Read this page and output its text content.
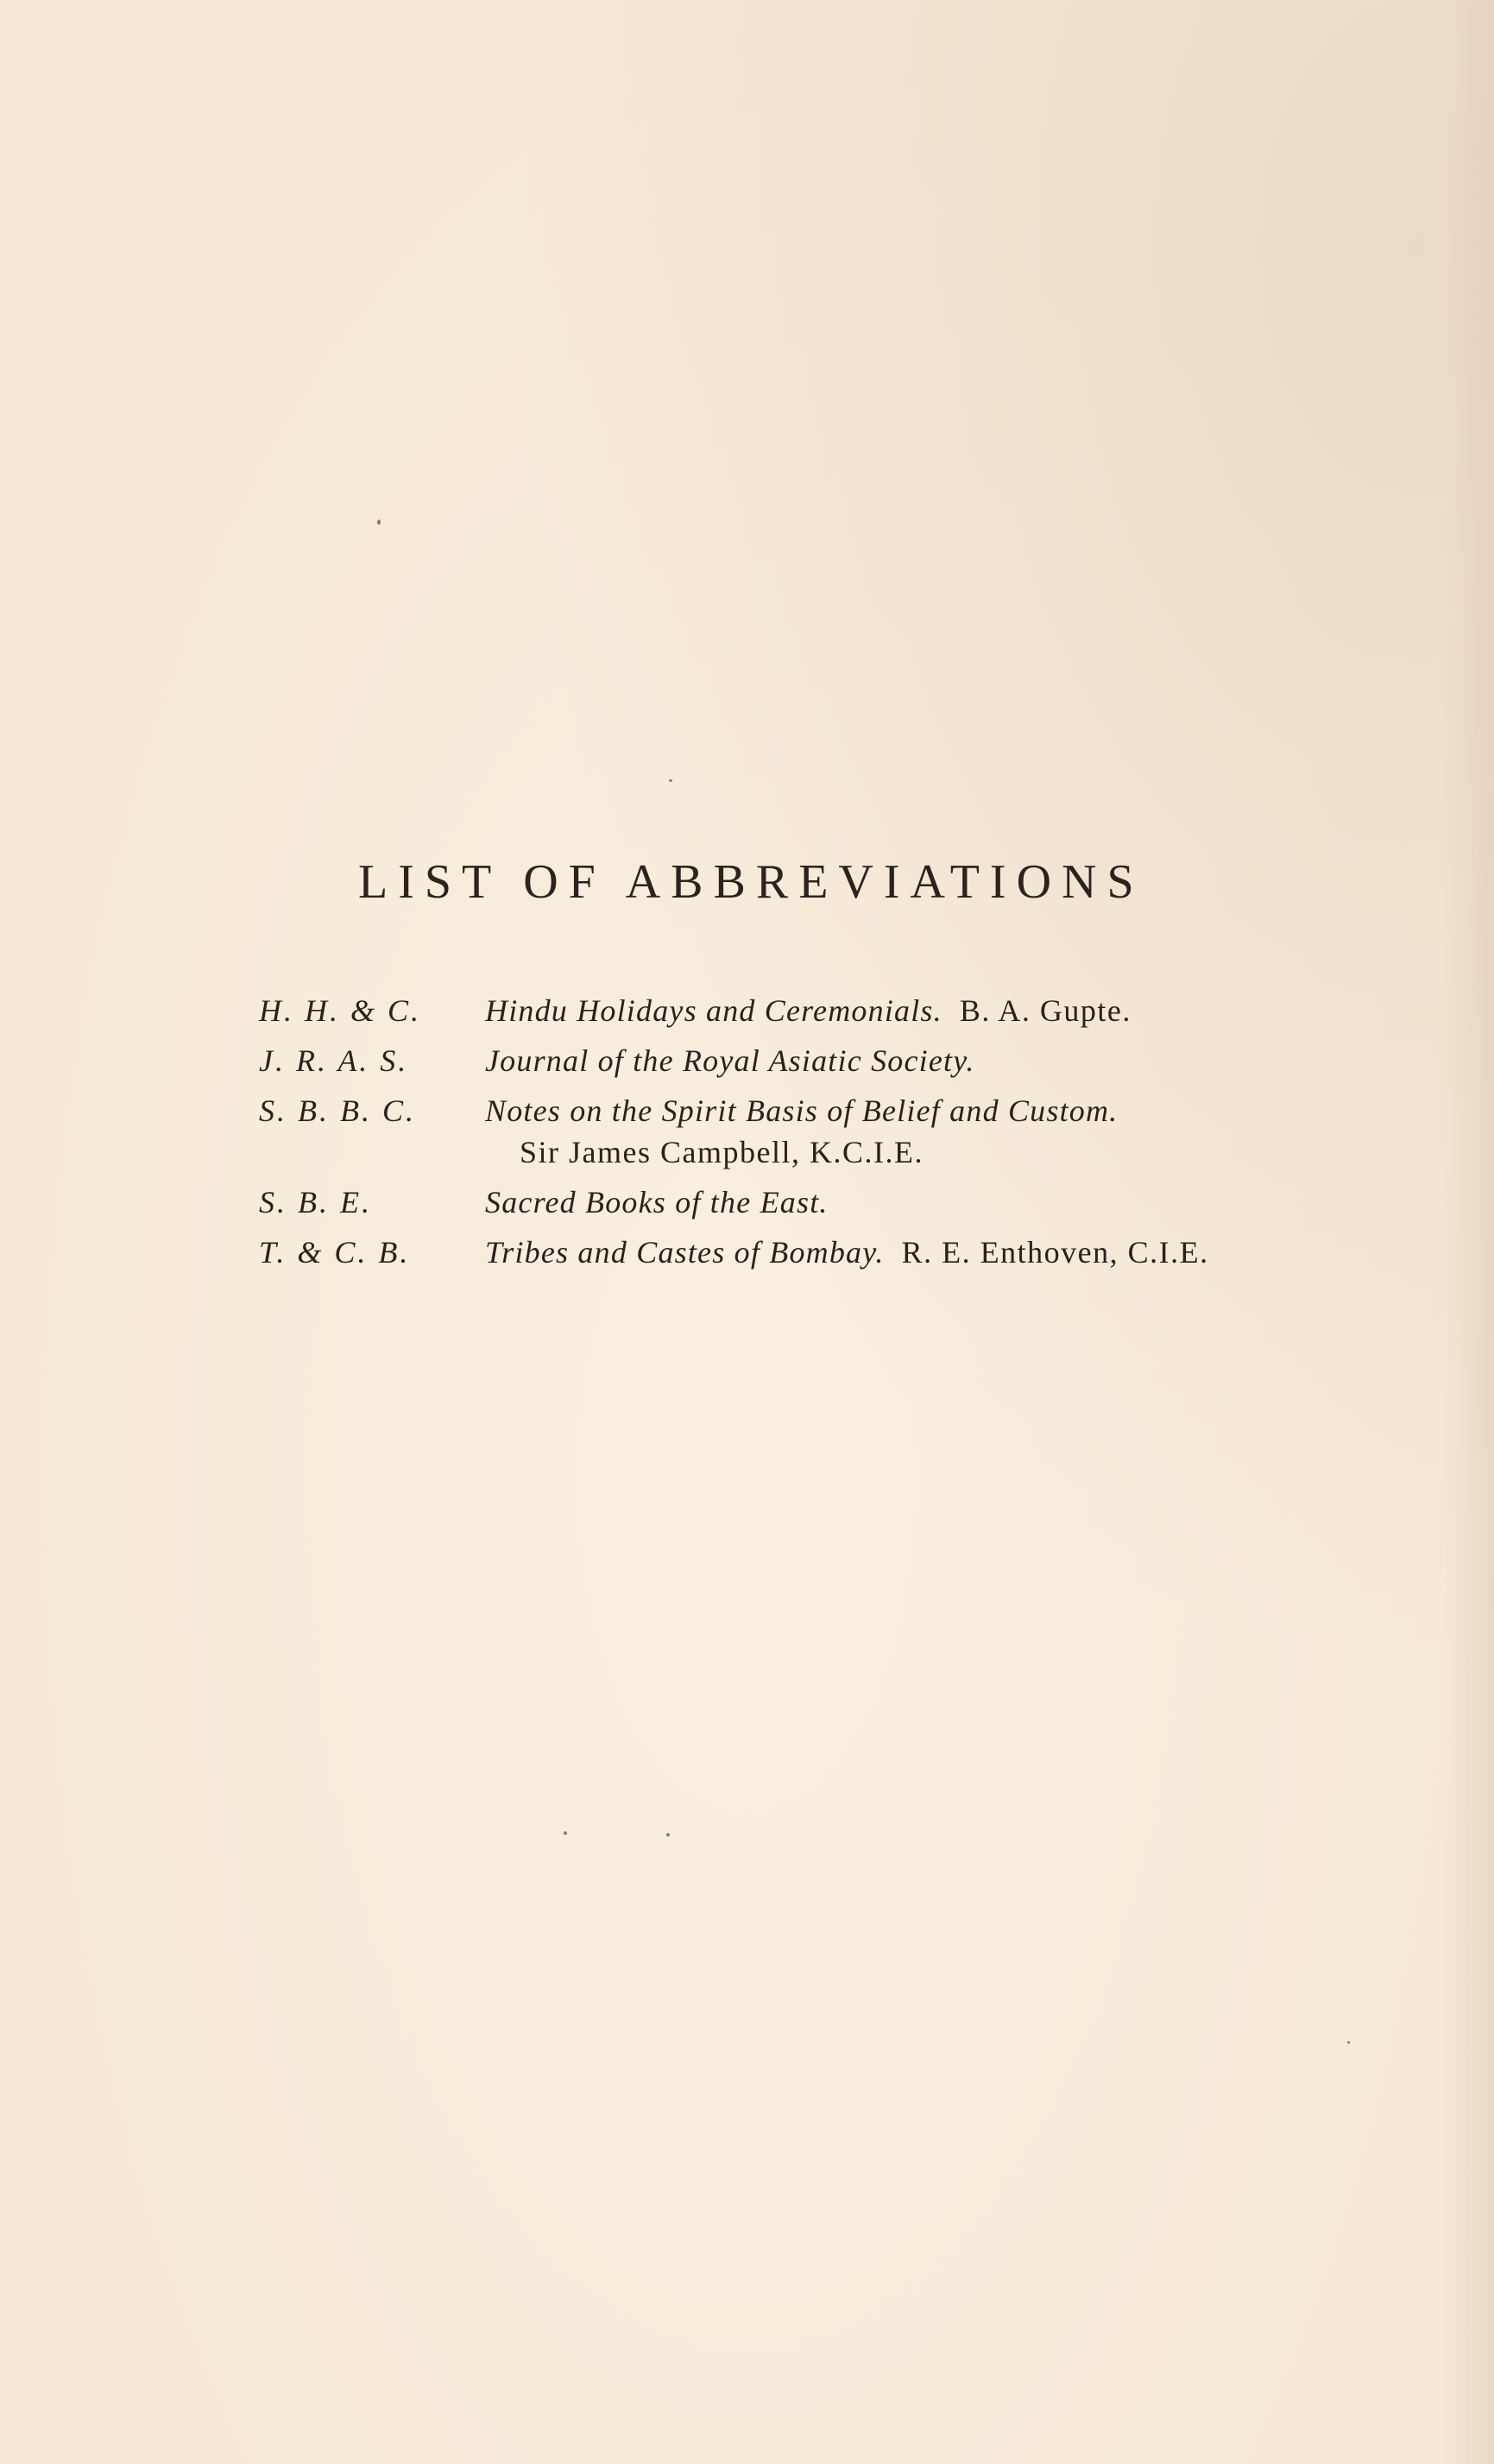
LIST OF ABBREVIATIONS
H. H. & C.	Hindu Holidays and Ceremonials. B. A. Gupte.
J. R. A. S.	Journal of the Royal Asiatic Society.
S. B. B. C.	Notes on the Spirit Basis of Belief and Custom.
Sir James Campbell, K.C.I.E.
S. B. E.	Sacred Books of the East.
T. & C. B.	Tribes and Castes of Bombay. R. E. Enthoven, C.I.E.
